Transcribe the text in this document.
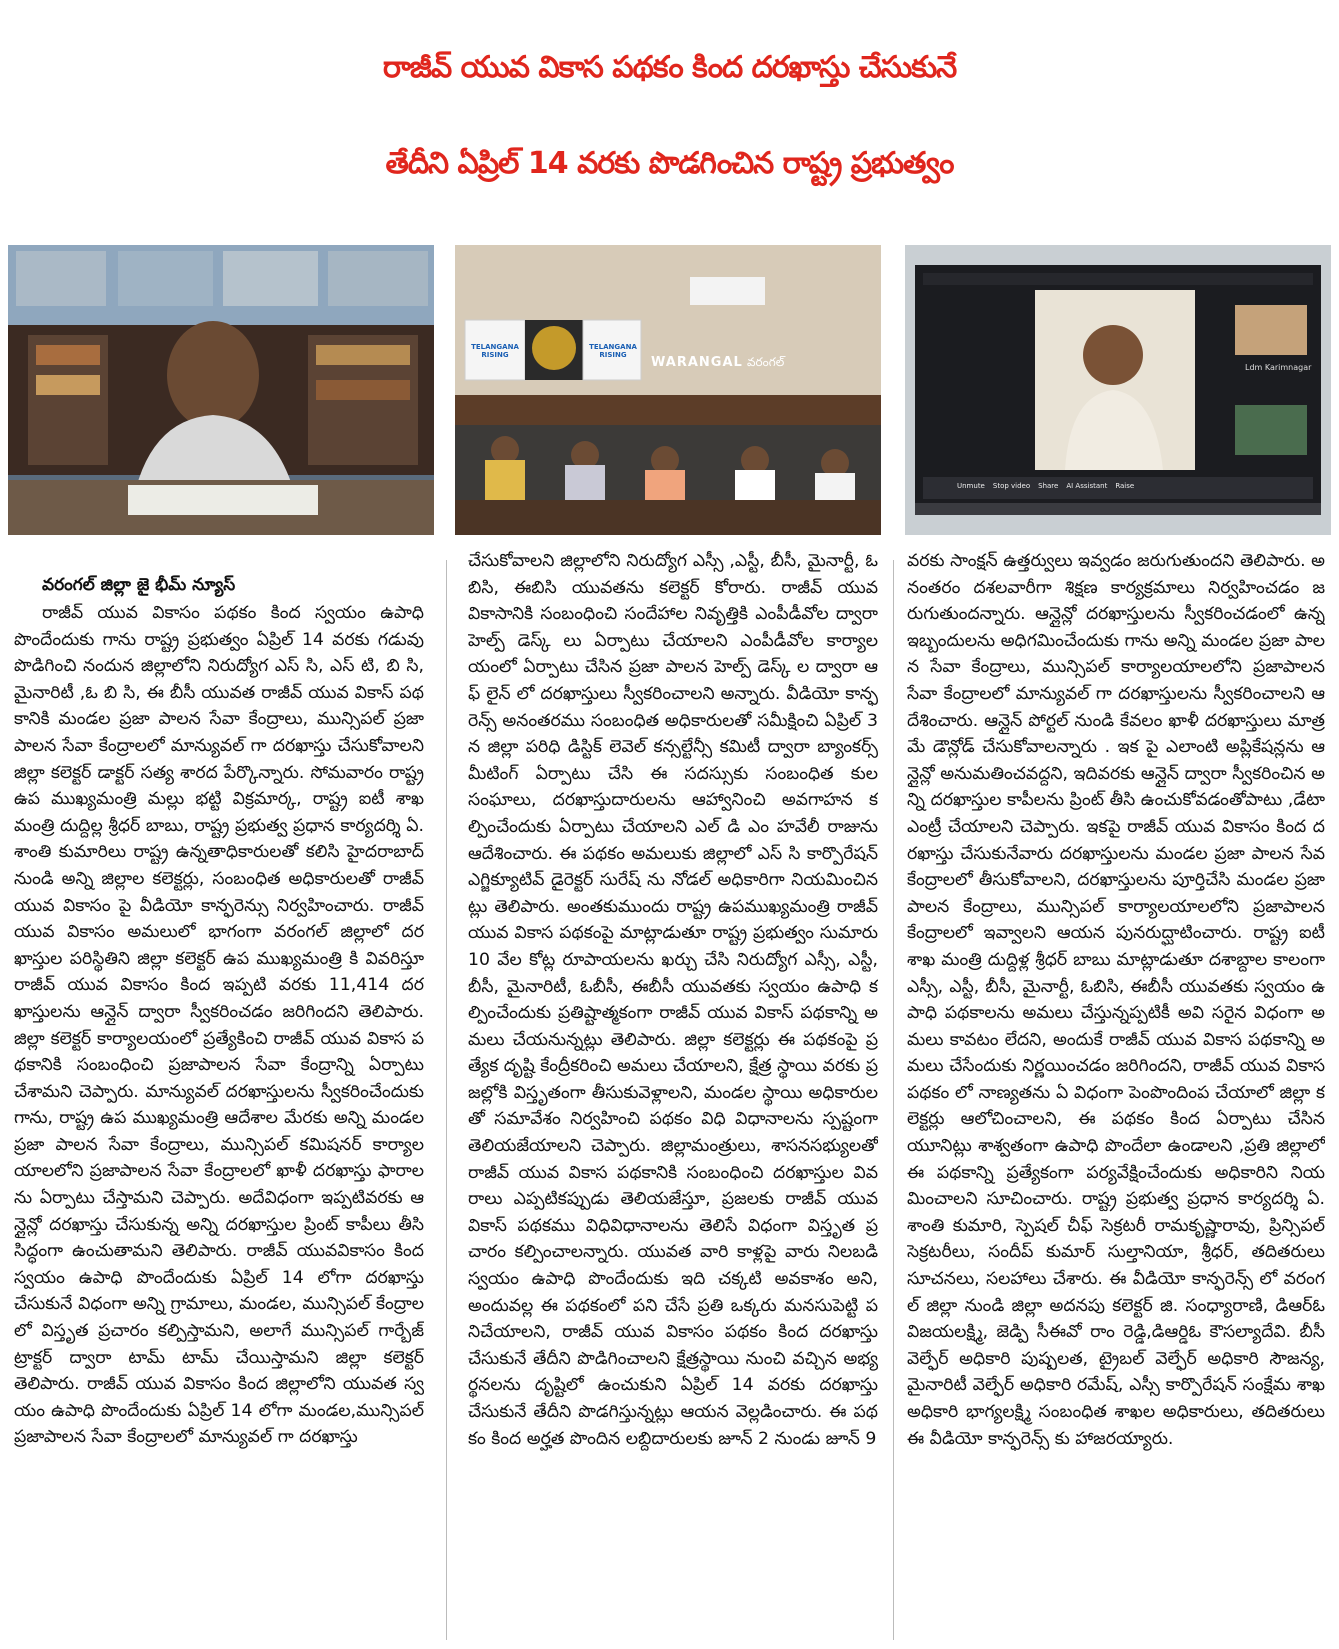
రాజీవ్ యువ వికాస పథకం కింద దరఖాస్తు చేసుకునే
తేదీని ఏప్రిల్ 14 వరకు పొడగించిన రాష్ట్ర ప్రభుత్వం
TELANGANA RISING
TELANGANA RISING	WARANGAL వరంగల్	Ldm Karimnagar
Unmute Stop video Share AI Assistant Raise
వరంగల్ జిల్లా జై భీమ్ న్యూస్
రాజీవ్ యువ వికాసం పథకం కింద స్వయం ఉపాధి పొందేందుకు గాను రాష్ట్ర ప్రభుత్వం ఏప్రిల్ 14 వరకు గడువు పొడిగించి నందున జిల్లాలోని నిరుద్యోగ ఎస్ సి, ఎస్ టి, బి సి, మైనారిటీ ,ఓ బి సి, ఈ బీసీ యువత రాజీవ్ యువ వికాస్ పథకానికి మండల ప్రజా పాలన సేవా కేంద్రాలు, మున్సిపల్ ప్రజా పాలన సేవా కేంద్రాలలో మాన్యువల్ గా దరఖాస్తు చేసుకోవాలని జిల్లా కలెక్టర్ డాక్టర్ సత్య శారద పేర్కొన్నారు. సోమవారం రాష్ట్ర ఉప ముఖ్యమంత్రి మల్లు భట్టి విక్రమార్క, రాష్ట్ర ఐటీ శాఖ మంత్రి దుద్దిల్ల శ్రీధర్ బాబు, రాష్ట్ర ప్రభుత్వ ప్రధాన కార్యదర్శి ఏ. శాంతి కుమారిలు రాష్ట్ర ఉన్నతాధికారులతో కలిసి హైదరాబాద్ నుండి అన్ని జిల్లాల కలెక్టర్లు, సంబంధిత అధికారులతో రాజీవ్ యువ వికాసం పై వీడియో కాన్ఫరెన్సు నిర్వహించారు. రాజీవ్ యువ వికాసం అమలులో భాగంగా వరంగల్ జిల్లాలో దరఖాస్తుల పరిస్థితిని జిల్లా కలెక్టర్ ఉప ముఖ్యమంత్రి కి వివరిస్తూ రాజీవ్ యువ వికాసం కింద ఇప్పటి వరకు 11,414 దరఖాస్తులను ఆన్లైన్ ద్వారా స్వీకరించడం జరిగిందని తెలిపారు. జిల్లా కలెక్టర్ కార్యాలయంలో ప్రత్యేకించి రాజీవ్ యువ వికాస పథకానికి సంబంధించి ప్రజాపాలన సేవా కేంద్రాన్ని ఏర్పాటు చేశామని చెప్పారు. మాన్యువల్ దరఖాస్తులను స్వీకరించేందుకు గాను, రాష్ట్ర ఉప ముఖ్యమంత్రి ఆదేశాల మేరకు అన్ని మండల ప్రజా పాలన సేవా కేంద్రాలు, మున్సిపల్ కమిషనర్ కార్యాలయాలలోని ప్రజాపాలన సేవా కేంద్రాలలో ఖాళీ దరఖాస్తు ఫారాలను ఏర్పాటు చేస్తామని చెప్పారు. అదేవిధంగా ఇప్పటివరకు ఆన్లైన్లో దరఖాస్తు చేసుకున్న అన్ని దరఖాస్తుల ప్రింట్ కాపీలు తీసి సిద్ధంగా ఉంచుతామని తెలిపారు. రాజీవ్ యువవికాసం కింద స్వయం ఉపాధి పొందేందుకు ఏప్రిల్ 14 లోగా దరఖాస్తు చేసుకునే విధంగా అన్ని గ్రామాలు, మండల, మున్సిపల్ కేంద్రాలలో విస్తృత ప్రచారం కల్పిస్తామని, అలాగే మున్సిపల్ గార్బేజ్ ట్రాక్టర్ ద్వారా టామ్ టామ్ చేయిస్తామని జిల్లా కలెక్టర్ తెలిపారు. రాజీవ్ యువ వికాసం కింద జిల్లాలోని యువత స్వయం ఉపాధి పొందేందుకు ఏప్రిల్ 14 లోగా మండల,మున్సిపల్ ప్రజాపాలన సేవా కేంద్రాలలో మాన్యువల్ గా దరఖాస్తు
చేసుకోవాలని జిల్లాలోని నిరుద్యోగ ఎస్సీ ,ఎస్టీ, బీసీ, మైనార్టీ, ఓబిసి, ఈబిసి యువతను కలెక్టర్ కోరారు. రాజీవ్ యువ వికాసానికి సంబంధించి సందేహాల నివృత్తికి ఎంపీడీవోల ద్వారా హెల్ప్ డెస్క్ లు ఏర్పాటు చేయాలని ఎంపీడీవోల కార్యాలయంలో ఏర్పాటు చేసిన ప్రజా పాలన హెల్ప్ డెస్క్ ల ద్వారా ఆఫ్ లైన్ లో దరఖాస్తులు స్వీకరించాలని అన్నారు. వీడియో కాన్ఫరెన్స్ అనంతరము సంబంధిత అధికారులతో సమీక్షించి ఏప్రిల్ 3న జిల్లా పరిధి డిస్టిక్ లెవెల్ కన్సల్టేన్సీ కమిటీ ద్వారా బ్యాంకర్స్ మీటింగ్ ఏర్పాటు చేసి ఈ సదస్సుకు సంబంధిత కుల సంఘాలు, దరఖాస్తుదారులను ఆహ్వానించి అవగాహన కల్పించేందుకు ఏర్పాటు చేయాలని ఎల్ డి ఎం హవేలీ రాజును ఆదేశించారు. ఈ పథకం అమలుకు జిల్లాలో ఎస్ సి కార్పొరేషన్ ఎగ్జిక్యూటివ్ డైరెక్టర్ సురేష్ ను నోడల్ అధికారిగా నియమించినట్లు తెలిపారు. అంతకుముందు రాష్ట్ర ఉపముఖ్యమంత్రి రాజీవ్ యువ వికాస పథకంపై మాట్లాడుతూ రాష్ట్ర ప్రభుత్వం సుమారు 10 వేల కోట్ల రూపాయలను ఖర్చు చేసి నిరుద్యోగ ఎస్సీ, ఎస్టీ, బీసీ, మైనారిటీ, ఓబీసీ, ఈబీసీ యువతకు స్వయం ఉపాధి కల్పించేందుకు ప్రతిష్టాత్మకంగా రాజీవ్ యువ వికాస్ పథకాన్ని అమలు చేయనున్నట్లు తెలిపారు. జిల్లా కలెక్టర్లు ఈ పథకంపై ప్రత్యేక దృష్టి కేంద్రీకరించి అమలు చేయాలని, క్షేత్ర స్థాయి వరకు ప్రజల్లోకి విస్తృతంగా తీసుకువెళ్లాలని, మండల స్థాయి అధికారులతో సమావేశం నిర్వహించి పథకం విధి విధానాలను స్పష్టంగా తెలియజేయాలని చెప్పారు. జిల్లామంత్రులు, శాసనసభ్యులతో రాజీవ్ యువ వికాస పథకానికి సంబంధించి దరఖాస్తుల వివరాలు ఎప్పటికప్పుడు తెలియజేస్తూ, ప్రజలకు రాజీవ్ యువ వికాస్ పథకము విధివిధానాలను తెలిసే విధంగా విస్తృత ప్రచారం కల్పించాలన్నారు. యువత వారి కాళ్లపై వారు నిలబడి స్వయం ఉపాధి పొందేందుకు ఇది చక్కటి అవకాశం అని, అందువల్ల ఈ పథకంలో పని చేసే ప్రతి ఒక్కరు మనసుపెట్టి పనిచేయాలని, రాజీవ్ యువ వికాసం పథకం కింద దరఖాస్తు చేసుకునే తేదీని పొడిగించాలని క్షేత్రస్థాయి నుంచి వచ్చిన అభ్యర్థనలను దృష్టిలో ఉంచుకుని ఏప్రిల్ 14 వరకు దరఖాస్తు చేసుకునే తేదీని పొడగిస్తున్నట్లు ఆయన వెల్లడించారు. ఈ పథకం కింద అర్హత పొందిన లబ్దిదారులకు జూన్ 2 నుండు జూన్ 9
వరకు సాంక్షన్ ఉత్తర్వులు ఇవ్వడం జరుగుతుందని తెలిపారు. అనంతరం దశలవారీగా శిక్షణ కార్యక్రమాలు నిర్వహించడం జరుగుతుందన్నారు. ఆన్లైన్లో దరఖాస్తులను స్వీకరించడంలో ఉన్న ఇబ్బందులను అధిగమించేందుకు గాను అన్ని మండల ప్రజా పాలన సేవా కేంద్రాలు, మున్సిపల్ కార్యాలయాలలోని ప్రజాపాలన సేవా కేంద్రాలలో మాన్యువల్ గా దరఖాస్తులను స్వీకరించాలని ఆదేశించారు. ఆన్లైన్ పోర్టల్ నుండి కేవలం ఖాళీ దరఖాస్తులు మాత్రమే డౌన్లోడ్ చేసుకోవాలన్నారు . ఇక పై ఎలాంటి అప్లికేషన్లను ఆన్లైన్లో అనుమతించవద్దని, ఇదివరకు ఆన్లైన్ ద్వారా స్వీకరించిన అన్ని దరఖాస్తుల కాపీలను ప్రింట్ తీసి ఉంచుకోవడంతోపాటు ,డేటా ఎంట్రీ చేయాలని చెప్పారు. ఇకపై రాజీవ్ యువ వికాసం కింద దరఖాస్తు చేసుకునేవారు దరఖాస్తులను మండల ప్రజా పాలన సేవ కేంద్రాలలో తీసుకోవాలని, దరఖాస్తులను పూర్తిచేసి మండల ప్రజా పాలన కేంద్రాలు, మున్సిపల్ కార్యాలయాలలోని ప్రజాపాలన కేంద్రాలలో ఇవ్వాలని ఆయన పునరుద్ఘాటించారు. రాష్ట్ర ఐటీ శాఖ మంత్రి దుద్దిళ్ల శ్రీధర్ బాబు మాట్లాడుతూ దశాబ్దాల కాలంగా ఎస్సీ, ఎస్టీ, బీసీ, మైనార్టీ, ఓబిసి, ఈబీసీ యువతకు స్వయం ఉపాధి పథకాలను అమలు చేస్తున్నప్పటికీ అవి సరైన విధంగా అమలు కావటం లేదని, అందుకే రాజీవ్ యువ వికాస పథకాన్ని అమలు చేసేందుకు నిర్ణయించడం జరిగిందని, రాజీవ్ యువ వికాస పథకం లో నాణ్యతను ఏ విధంగా పెంపొందింప చేయాలో జిల్లా కలెక్టర్లు ఆలోచించాలని, ఈ పథకం కింద ఏర్పాటు చేసిన యూనిట్లు శాశ్వతంగా ఉపాధి పొందేలా ఉండాలని ,ప్రతి జిల్లాలో ఈ పథకాన్ని ప్రత్యేకంగా పర్యవేక్షించేందుకు అధికారిని నియమించాలని సూచించారు. రాష్ట్ర ప్రభుత్వ ప్రధాన కార్యదర్శి ఏ. శాంతి కుమారి, స్పెషల్ చీఫ్ సెక్రటరీ రామకృష్ణారావు, ప్రిన్సిపల్ సెక్రటరీలు, సందీప్ కుమార్ సుల్తానియా, శ్రీధర్, తదితరులు సూచనలు, సలహాలు చేశారు. ఈ వీడియో కాన్ఫరెన్స్ లో వరంగల్ జిల్లా నుండి జిల్లా అదనపు కలెక్టర్ జి. సంధ్యారాణి, డిఆర్ఓ విజయలక్ష్మి, జెడ్పి సీఈవో రాం రెడ్డి,డిఆర్డిఓ కౌసల్యాదేవి. బీసీ వెల్ఫేర్ అధికారి పుష్పలత, ట్రైబల్ వెల్ఫేర్ అధికారి సౌజన్య, మైనారిటీ వెల్ఫేర్ అధికారి రమేష్, ఎస్సీ కార్పొరేషన్ సంక్షేమ శాఖ అధికారి భాగ్యలక్ష్మి సంబంధిత శాఖల అధికారులు, తదితరులు ఈ వీడియో కాన్ఫరెన్స్ కు హాజరయ్యారు.
